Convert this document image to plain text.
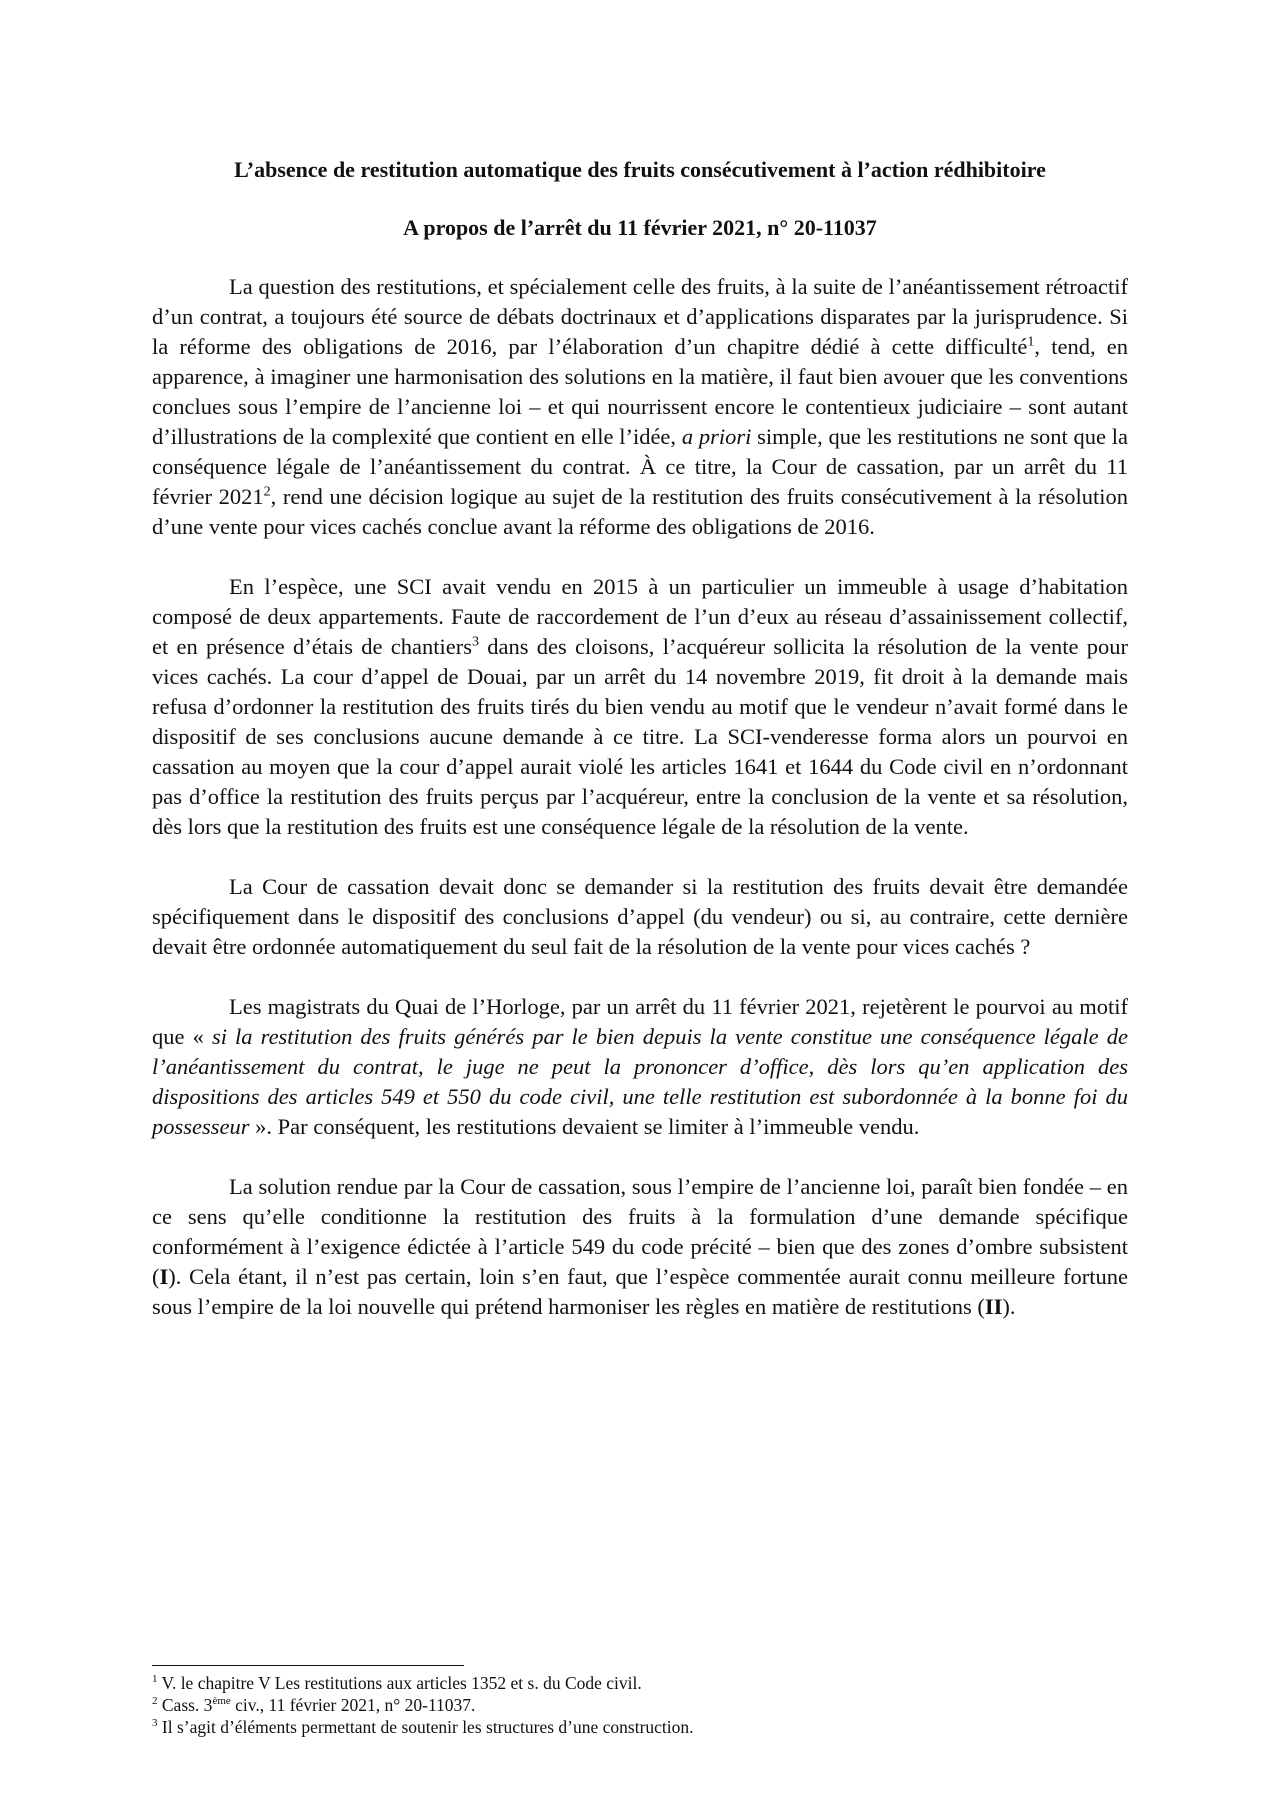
L’absence de restitution automatique des fruits consécutivement à l’action rédhibitoire
A propos de l’arrêt du 11 février 2021, n° 20-11037

La question des restitutions, et spécialement celle des fruits, à la suite de l’anéantissement rétroactif d’un contrat, a toujours été source de débats doctrinaux et d’applications disparates par la jurisprudence. Si la réforme des obligations de 2016, par l’élaboration d’un chapitre dédié à cette difficulté$^1$, tend, en apparence, à imaginer une harmonisation des solutions en la matière, il faut bien avouer que les conventions conclues sous l’empire de l’ancienne loi – et qui nourrissent encore le contentieux judiciaire – sont autant d’illustrations de la complexité que contient en elle l’idée, a priori simple, que les restitutions ne sont que la conséquence légale de l’anéantissement du contrat. À ce titre, la Cour de cassation, par un arrêt du 11 février 2021$^2$, rend une décision logique au sujet de la restitution des fruits consécutivement à la résolution d’une vente pour vices cachés conclue avant la réforme des obligations de 2016.

En l’espèce, une SCI avait vendu en 2015 à un particulier un immeuble à usage d’habitation composé de deux appartements. Faute de raccordement de l’un d’eux au réseau d’assainissement collectif, et en présence d’étais de chantiers$^3$ dans des cloisons, l’acquéreur sollicita la résolution de la vente pour vices cachés. La cour d’appel de Douai, par un arrêt du 14 novembre 2019, fit droit à la demande mais refusa d’ordonner la restitution des fruits tirés du bien vendu au motif que le vendeur n’avait formé dans le dispositif de ses conclusions aucune demande à ce titre. La SCI-venderesse forma alors un pourvoi en cassation au moyen que la cour d’appel aurait violé les articles 1641 et 1644 du Code civil en n’ordonnant pas d’office la restitution des fruits perçus par l’acquéreur, entre la conclusion de la vente et sa résolution, dès lors que la restitution des fruits est une conséquence légale de la résolution de la vente.

La Cour de cassation devait donc se demander si la restitution des fruits devait être demandée spécifiquement dans le dispositif des conclusions d’appel (du vendeur) ou si, au contraire, cette dernière devait être ordonnée automatiquement du seul fait de la résolution de la vente pour vices cachés ?

Les magistrats du Quai de l’Horloge, par un arrêt du 11 février 2021, rejetèrent le pourvoi au motif que « si la restitution des fruits générés par le bien depuis la vente constitue une conséquence légale de l’anéantissement du contrat, le juge ne peut la prononcer d’office, dès lors qu’en application des dispositions des articles 549 et 550 du code civil, une telle restitution est subordonnée à la bonne foi du possesseur ». Par conséquent, les restitutions devaient se limiter à l’immeuble vendu.

La solution rendue par la Cour de cassation, sous l’empire de l’ancienne loi, paraît bien fondée – en ce sens qu’elle conditionne la restitution des fruits à la formulation d’une demande spécifique conformément à l’exigence édictée à l’article 549 du code précité – bien que des zones d’ombre subsistent (I). Cela étant, il n’est pas certain, loin s’en faut, que l’espèce commentée aurait connu meilleure fortune sous l’empire de la loi nouvelle qui prétend harmoniser les règles en matière de restitutions (II).

$^1$ V. le chapitre V Les restitutions aux articles 1352 et s. du Code civil.

$^2$ Cass. 3ème civ., 11 février 2021, n° 20-11037.

$^3$ Il s’agit d’éléments permettant de soutenir les structures d’une construction.
